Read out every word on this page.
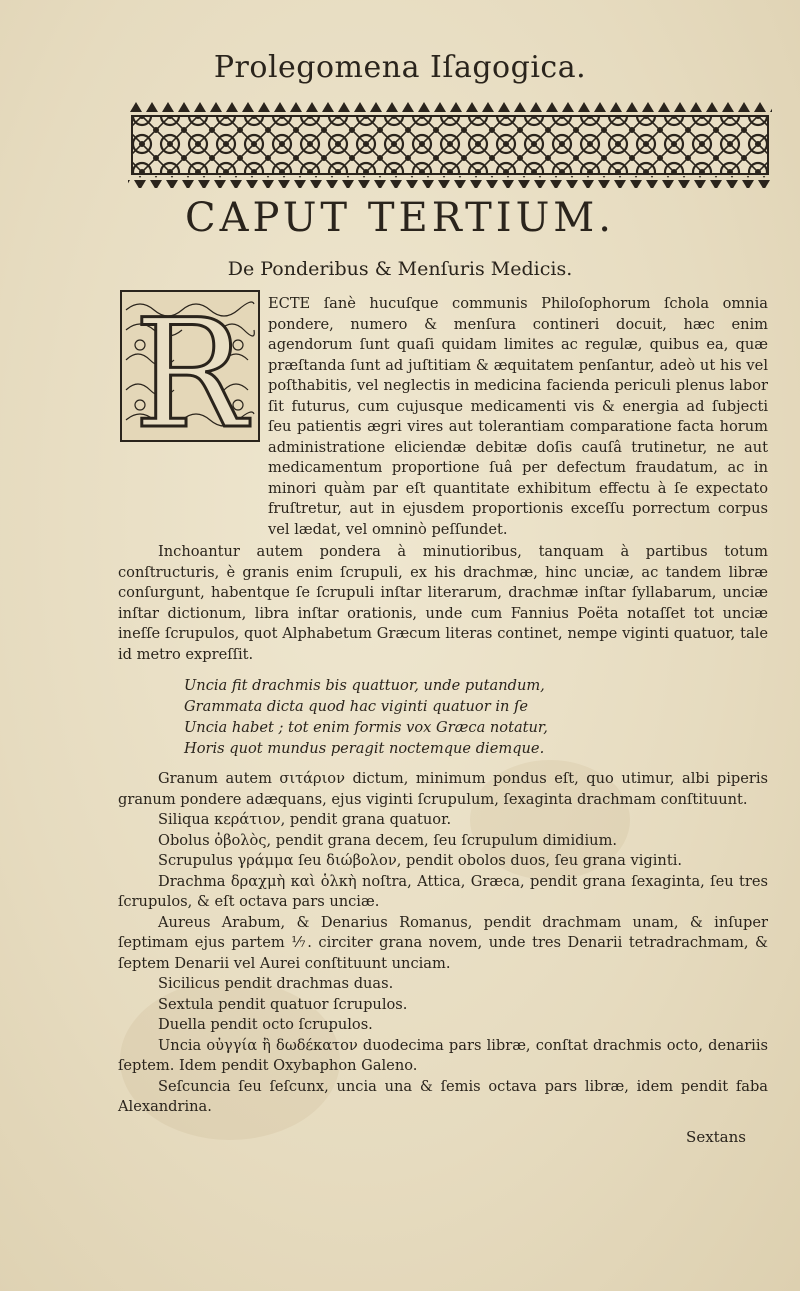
Prolegomena Iſagogica.
CAPUT TERTIUM.
De Ponderibus & Menſuris Medicis.
R	ECTE ſanè hucuſque communis Philoſophorum ſchola omnia pondere, numero & menſura contineri docuit, hæc enim agendorum ſunt quaſi quidam limites ac regulæ, quibus ea, quæ præſtanda ſunt ad juſtitiam & æquitatem penſantur, adeò ut his vel poſthabitis, vel neglectis in medicina facienda periculi plenus labor ſit futurus, cum cujusque medicamenti vis & energia ad ſubjecti ſeu patientis ægri vires aut tolerantiam comparatione facta horum administratione eliciendæ debitæ doſis cauſâ trutinetur, ne aut medicamentum proportione ſuâ per defectum fraudatum, ac in minori quàm par eſt quantitate exhibitum effectu à ſe expectato fruſtretur, aut in ejusdem proportionis exceſſu porrectum corpus vel lædat, vel omninò peſſundet.

Inchoantur autem pondera à minutioribus, tanquam à partibus totum conſtructuris, è granis enim ſcrupuli, ex his drachmæ, hinc unciæ, ac tandem libræ conſurgunt, habentque ſe ſcrupuli inſtar literarum, drachmæ inſtar ſyllabarum, unciæ inſtar dictionum, libra inſtar orationis, unde cum Fannius Poëta notaſſet tot unciæ ineſſe ſcrupulos, quot Alphabetum Græcum literas continet, nempe viginti quatuor, tale id metro expreſſit.

Uncia fit drachmis bis quattuor, unde putandum,
Grammata dicta quod hac viginti quatuor in ſe
Uncia habet ; tot enim formis vox Græca notatur,
Horis quot mundus peragit noctemque diemque.

Granum autem σιτάριον dictum, minimum pondus eſt, quo utimur, albi piperis granum pondere adæquans, ejus viginti ſcrupulum, ſexaginta drachmam conſtituunt.

Siliqua κεράτιον, pendit grana quatuor.

Obolus ὀβολὸς, pendit grana decem, ſeu ſcrupulum dimidium.

Scrupulus γράμμα ſeu διώβολον, pendit obolos duos, ſeu grana viginti.

Drachma δραχμὴ καὶ ὁλκὴ noſtra, Attica, Græca, pendit grana ſexaginta, ſeu tres ſcrupulos, & eſt octava pars unciæ.

Aureus Arabum, & Denarius Romanus, pendit drachmam unam, & inſuper ſeptimam ejus partem ⅐. circiter grana novem, unde tres Denarii tetradrachmam, & ſeptem Denarii vel Aurei conſtituunt unciam.

Sicilicus pendit drachmas duas.

Sextula pendit quatuor ſcrupulos.

Duella pendit octo ſcrupulos.

Uncia οὐγγία ἢ δωδέκατον duodecima pars libræ, conſtat drachmis octo, denariis ſeptem. Idem pendit Oxybaphon Galeno.

Seſcuncia ſeu ſeſcunx, uncia una & ſemis octava pars libræ, idem pendit faba Alexandrina.

Sextans
